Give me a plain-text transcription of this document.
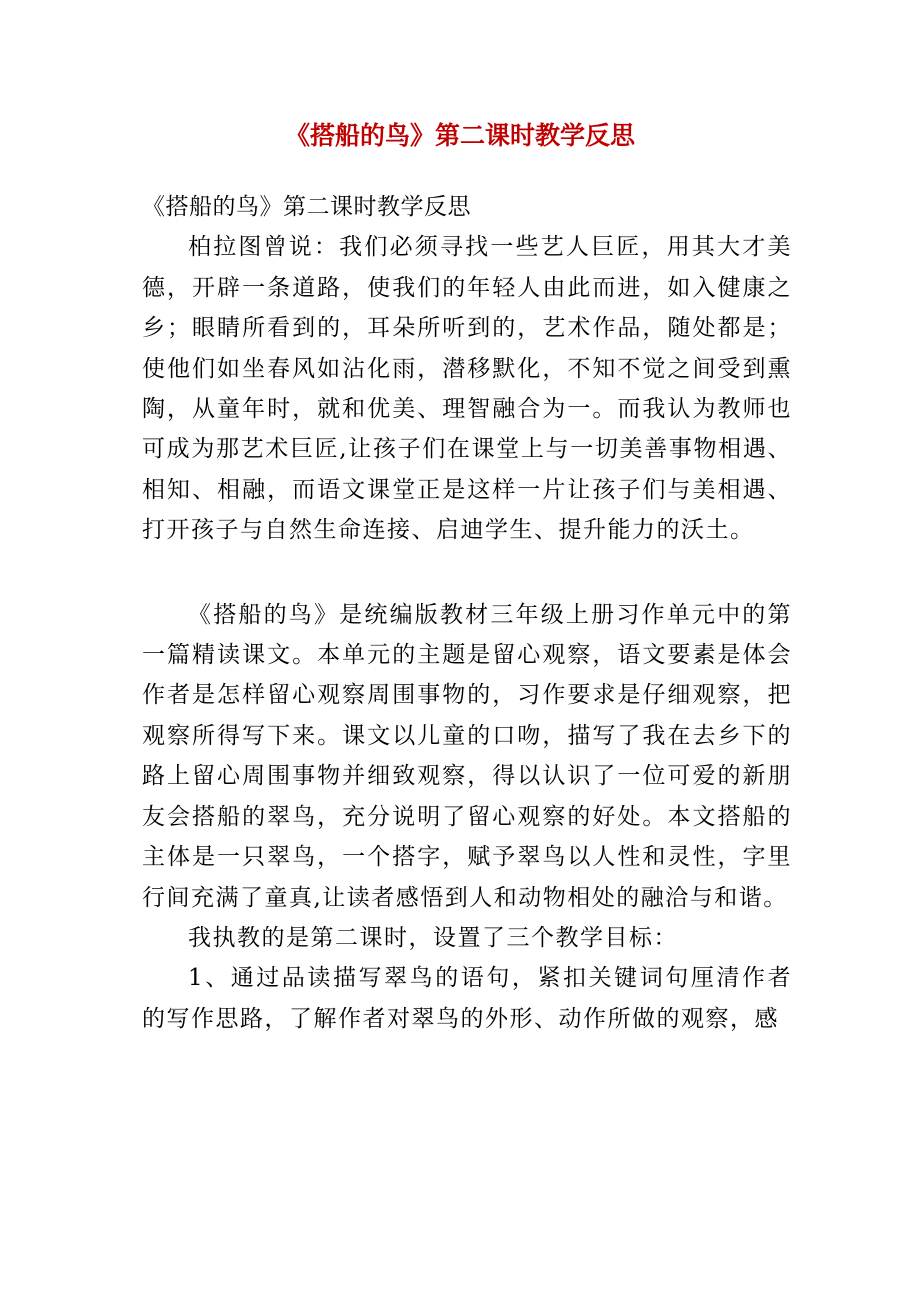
《搭船的鸟》第二课时教学反思

《搭船的鸟》第二课时教学反思

柏拉图曾说：我们必须寻找一些艺人巨匠，用其大才美德，开辟一条道路，使我们的年轻人由此而进，如入健康之乡；眼睛所看到的，耳朵所听到的，艺术作品，随处都是；使他们如坐春风如沾化雨，潜移默化，不知不觉之间受到熏陶，从童年时，就和优美、理智融合为一。而我认为教师也可成为那艺术巨匠,让孩子们在课堂上与一切美善事物相遇、相知、相融，而语文课堂正是这样一片让孩子们与美相遇、打开孩子与自然生命连接、启迪学生、提升能力的沃土。

《搭船的鸟》是统编版教材三年级上册习作单元中的第一篇精读课文。本单元的主题是留心观察，语文要素是体会作者是怎样留心观察周围事物的，习作要求是仔细观察，把观察所得写下来。课文以儿童的口吻，描写了我在去乡下的路上留心周围事物并细致观察，得以认识了一位可爱的新朋友会搭船的翠鸟，充分说明了留心观察的好处。本文搭船的主体是一只翠鸟，一个搭字，赋予翠鸟以人性和灵性，字里行间充满了童真,让读者感悟到人和动物相处的融洽与和谐。

我执教的是第二课时，设置了三个教学目标：

1、通过品读描写翠鸟的语句，紧扣关键词句厘清作者的写作思路，了解作者对翠鸟的外形、动作所做的观察，感
